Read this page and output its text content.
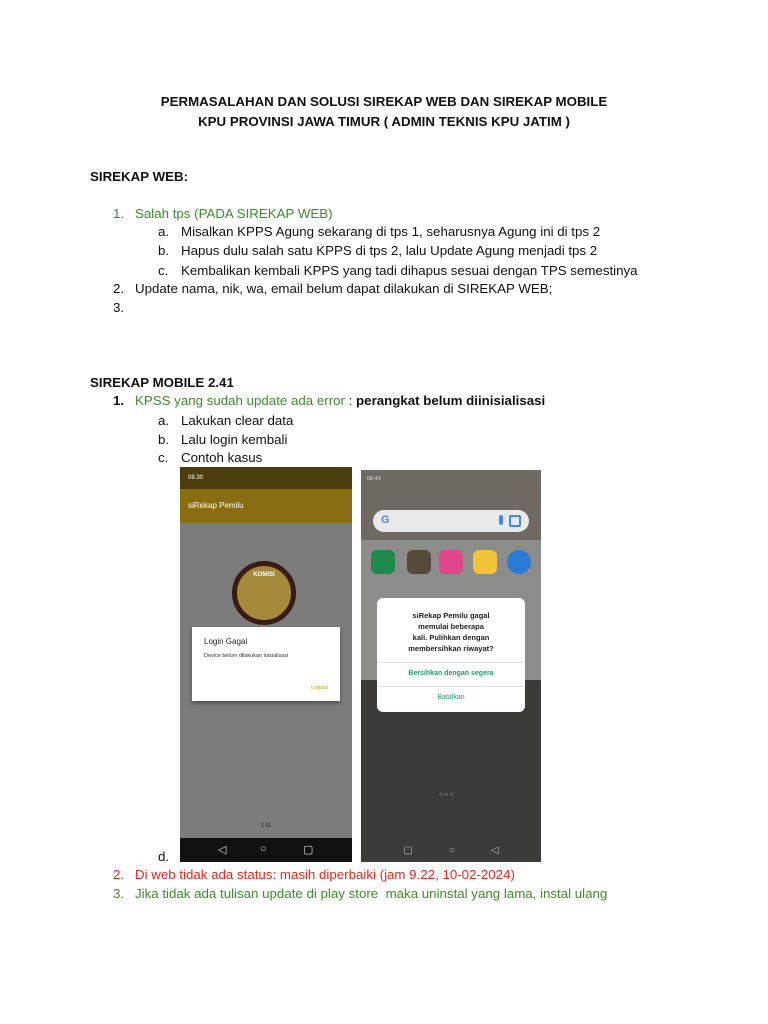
PERMASALAHAN DAN SOLUSI SIREKAP WEB DAN SIREKAP MOBILE
KPU PROVINSI JAWA TIMUR ( ADMIN TEKNIS KPU JATIM )
SIREKAP WEB:
1. Salah tps (PADA SIREKAP WEB)
a. Misalkan KPPS Agung sekarang di tps 1, seharusnya Agung ini di tps 2
b. Hapus dulu salah satu KPPS di tps 2, lalu Update Agung menjadi tps 2
c. Kembalikan kembali KPPS yang tadi dihapus sesuai dengan TPS semestinya
2. Update nama, nik, wa, email belum dapat dilakukan di SIREKAP WEB;
3.
SIREKAP MOBILE 2.41
1. KPSS yang sudah update ada error : perangkat belum diinisialisasi
a. Lakukan clear data
b. Lalu login kembali
c. Contoh kasus
08.30
siRekap Pemilu
KOMISI
Login Gagal
Device belum dilakukan inisialisasi
Logout
2.41
◁	○	▢
08.43
G
siRekap Pemilu gagal
memulai beberapa
kali. Pulihkan dengan
membersihkan riwayat?
Bersihkan dengan segera
Batalkan
○ ○ ○
▢	○	◁
d.
2. Di web tidak ada status: masih diperbaiki (jam 9.22, 10-02-2024)
3. Jika tidak ada tulisan update di play store  maka uninstal yang lama, instal ulang
